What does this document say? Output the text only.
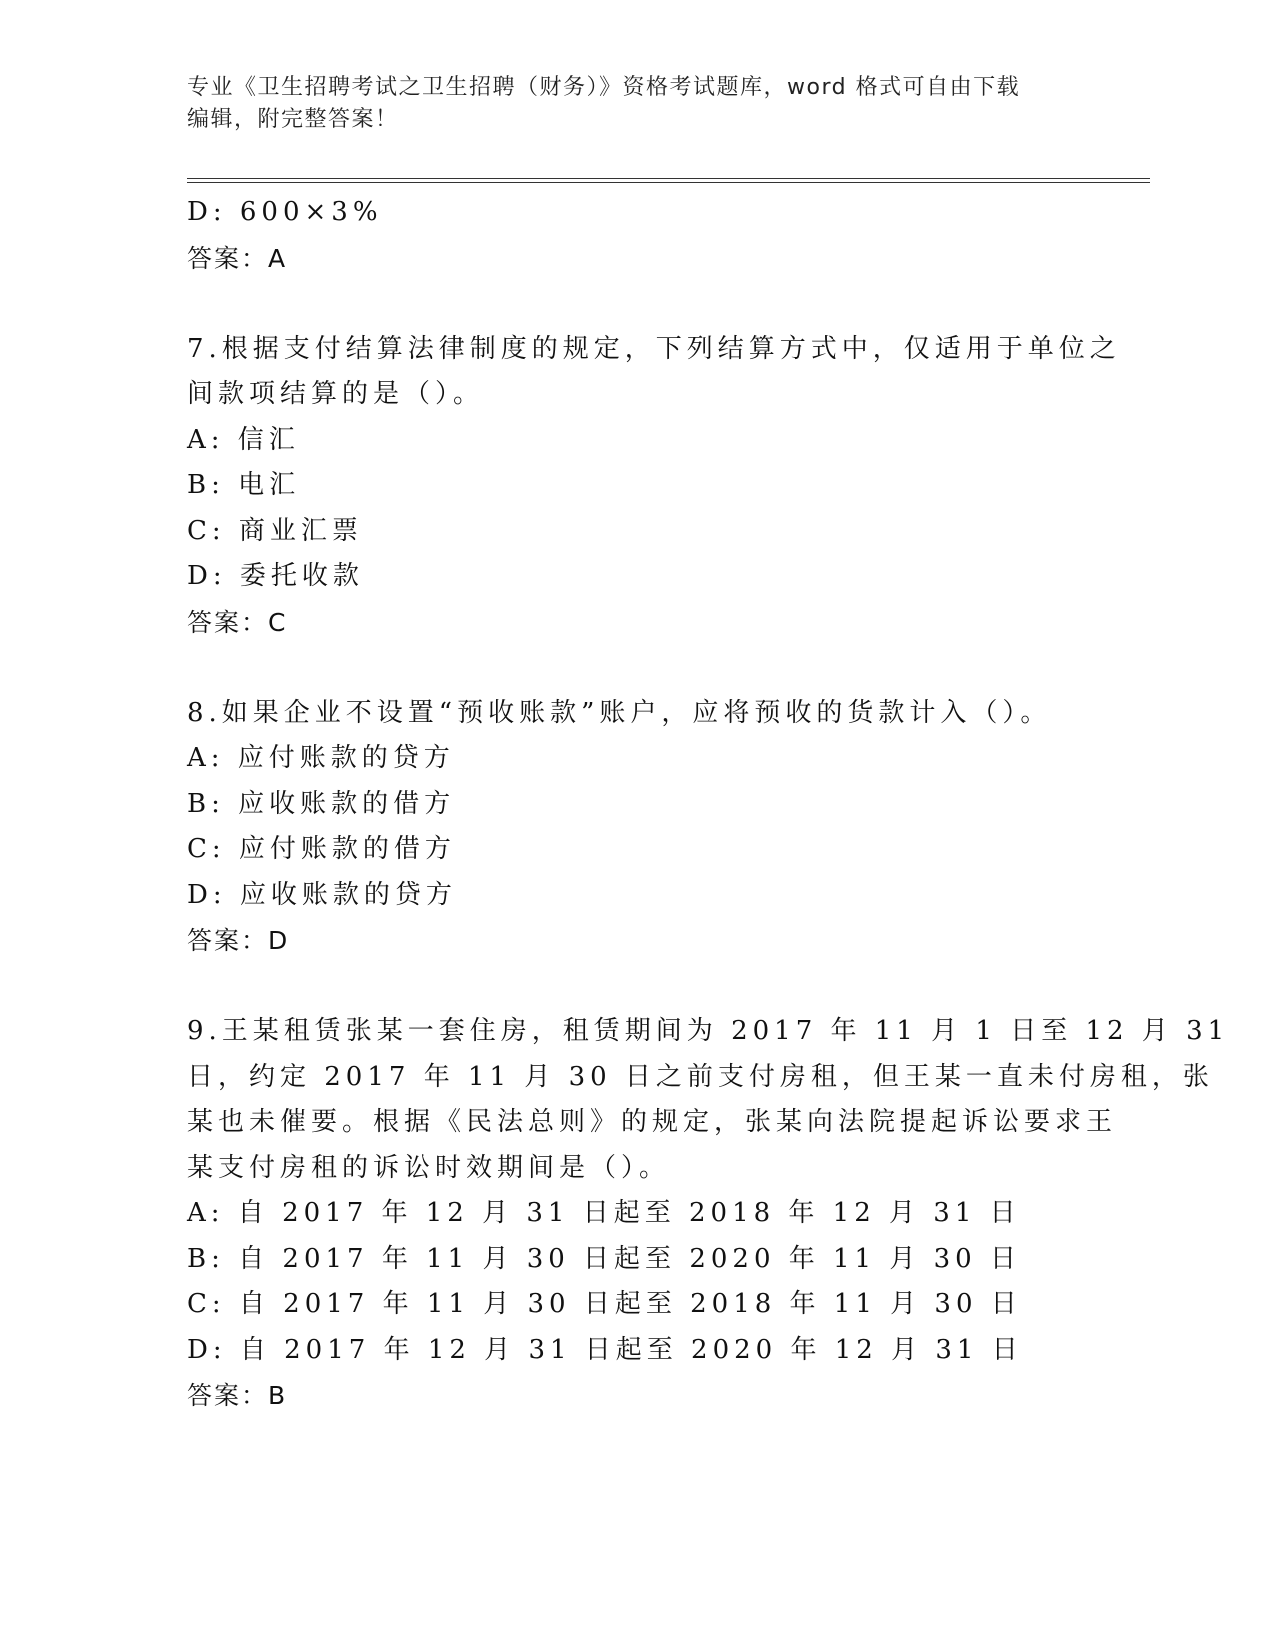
专业《卫生招聘考试之卫生招聘（财务）》资格考试题库，word 格式可自由下载
编辑，附完整答案！
D: 600×3%
答案：A
7.根据支付结算法律制度的规定，下列结算方式中，仅适用于单位之
间款项结算的是（）。
A: 信汇
B: 电汇
C: 商业汇票
D: 委托收款
答案：C
8.如果企业不设置“预收账款”账户，应将预收的货款计入（）。
A: 应付账款的贷方
B: 应收账款的借方
C: 应付账款的借方
D: 应收账款的贷方
答案：D
9.王某租赁张某一套住房，租赁期间为 2017 年 11 月 1 日至 12 月 31
日，约定 2017 年 11 月 30 日之前支付房租，但王某一直未付房租，张
某也未催要。根据《民法总则》的规定，张某向法院提起诉讼要求王
某支付房租的诉讼时效期间是（）。
A: 自 2017 年 12 月 31 日起至 2018 年 12 月 31 日
B: 自 2017 年 11 月 30 日起至 2020 年 11 月 30 日
C: 自 2017 年 11 月 30 日起至 2018 年 11 月 30 日
D: 自 2017 年 12 月 31 日起至 2020 年 12 月 31 日
答案：B
